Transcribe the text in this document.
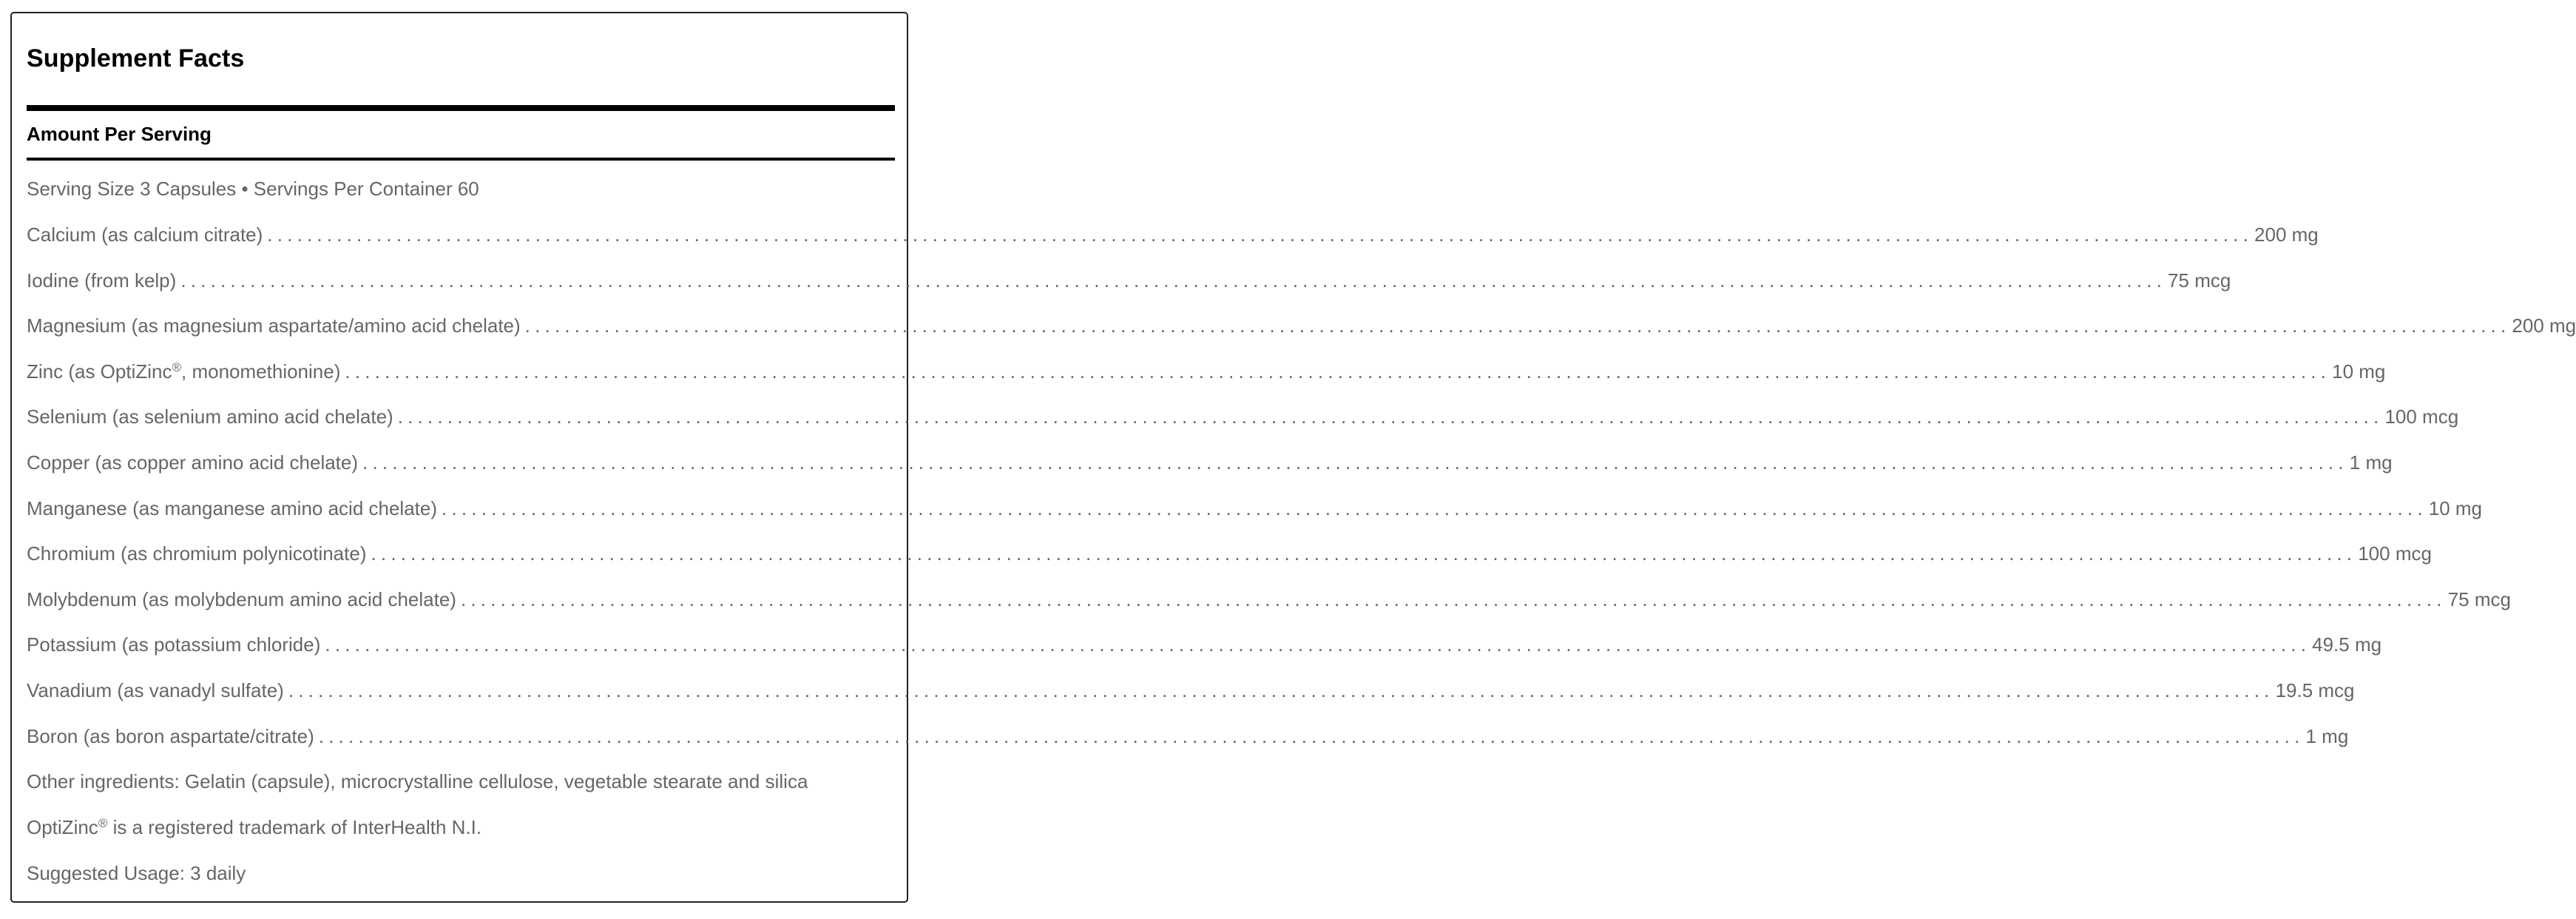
Supplement Facts
Amount Per Serving
Serving Size 3 Capsules • Servings Per Container 60
Calcium (as calcium citrate) ........................................................................................................................................................................................................ 200 mg
Iodine (from kelp) ........................................................................................................................................................................................................ 75 mcg
Magnesium (as magnesium aspartate/amino acid chelate) ........................................................................................................................................................................................................ 200 mg
Zinc (as OptiZinc®, monomethionine) ........................................................................................................................................................................................................ 10 mg
Selenium (as selenium amino acid chelate) ........................................................................................................................................................................................................ 100 mcg
Copper (as copper amino acid chelate) ........................................................................................................................................................................................................ 1 mg
Manganese (as manganese amino acid chelate) ........................................................................................................................................................................................................ 10 mg
Chromium (as chromium polynicotinate) ........................................................................................................................................................................................................ 100 mcg
Molybdenum (as molybdenum amino acid chelate) ........................................................................................................................................................................................................ 75 mcg
Potassium (as potassium chloride) ........................................................................................................................................................................................................ 49.5 mg
Vanadium (as vanadyl sulfate) ........................................................................................................................................................................................................ 19.5 mcg
Boron (as boron aspartate/citrate) ........................................................................................................................................................................................................ 1 mg
Other ingredients: Gelatin (capsule), microcrystalline cellulose, vegetable stearate and silica
OptiZinc® is a registered trademark of InterHealth N.I.
Suggested Usage: 3 daily
